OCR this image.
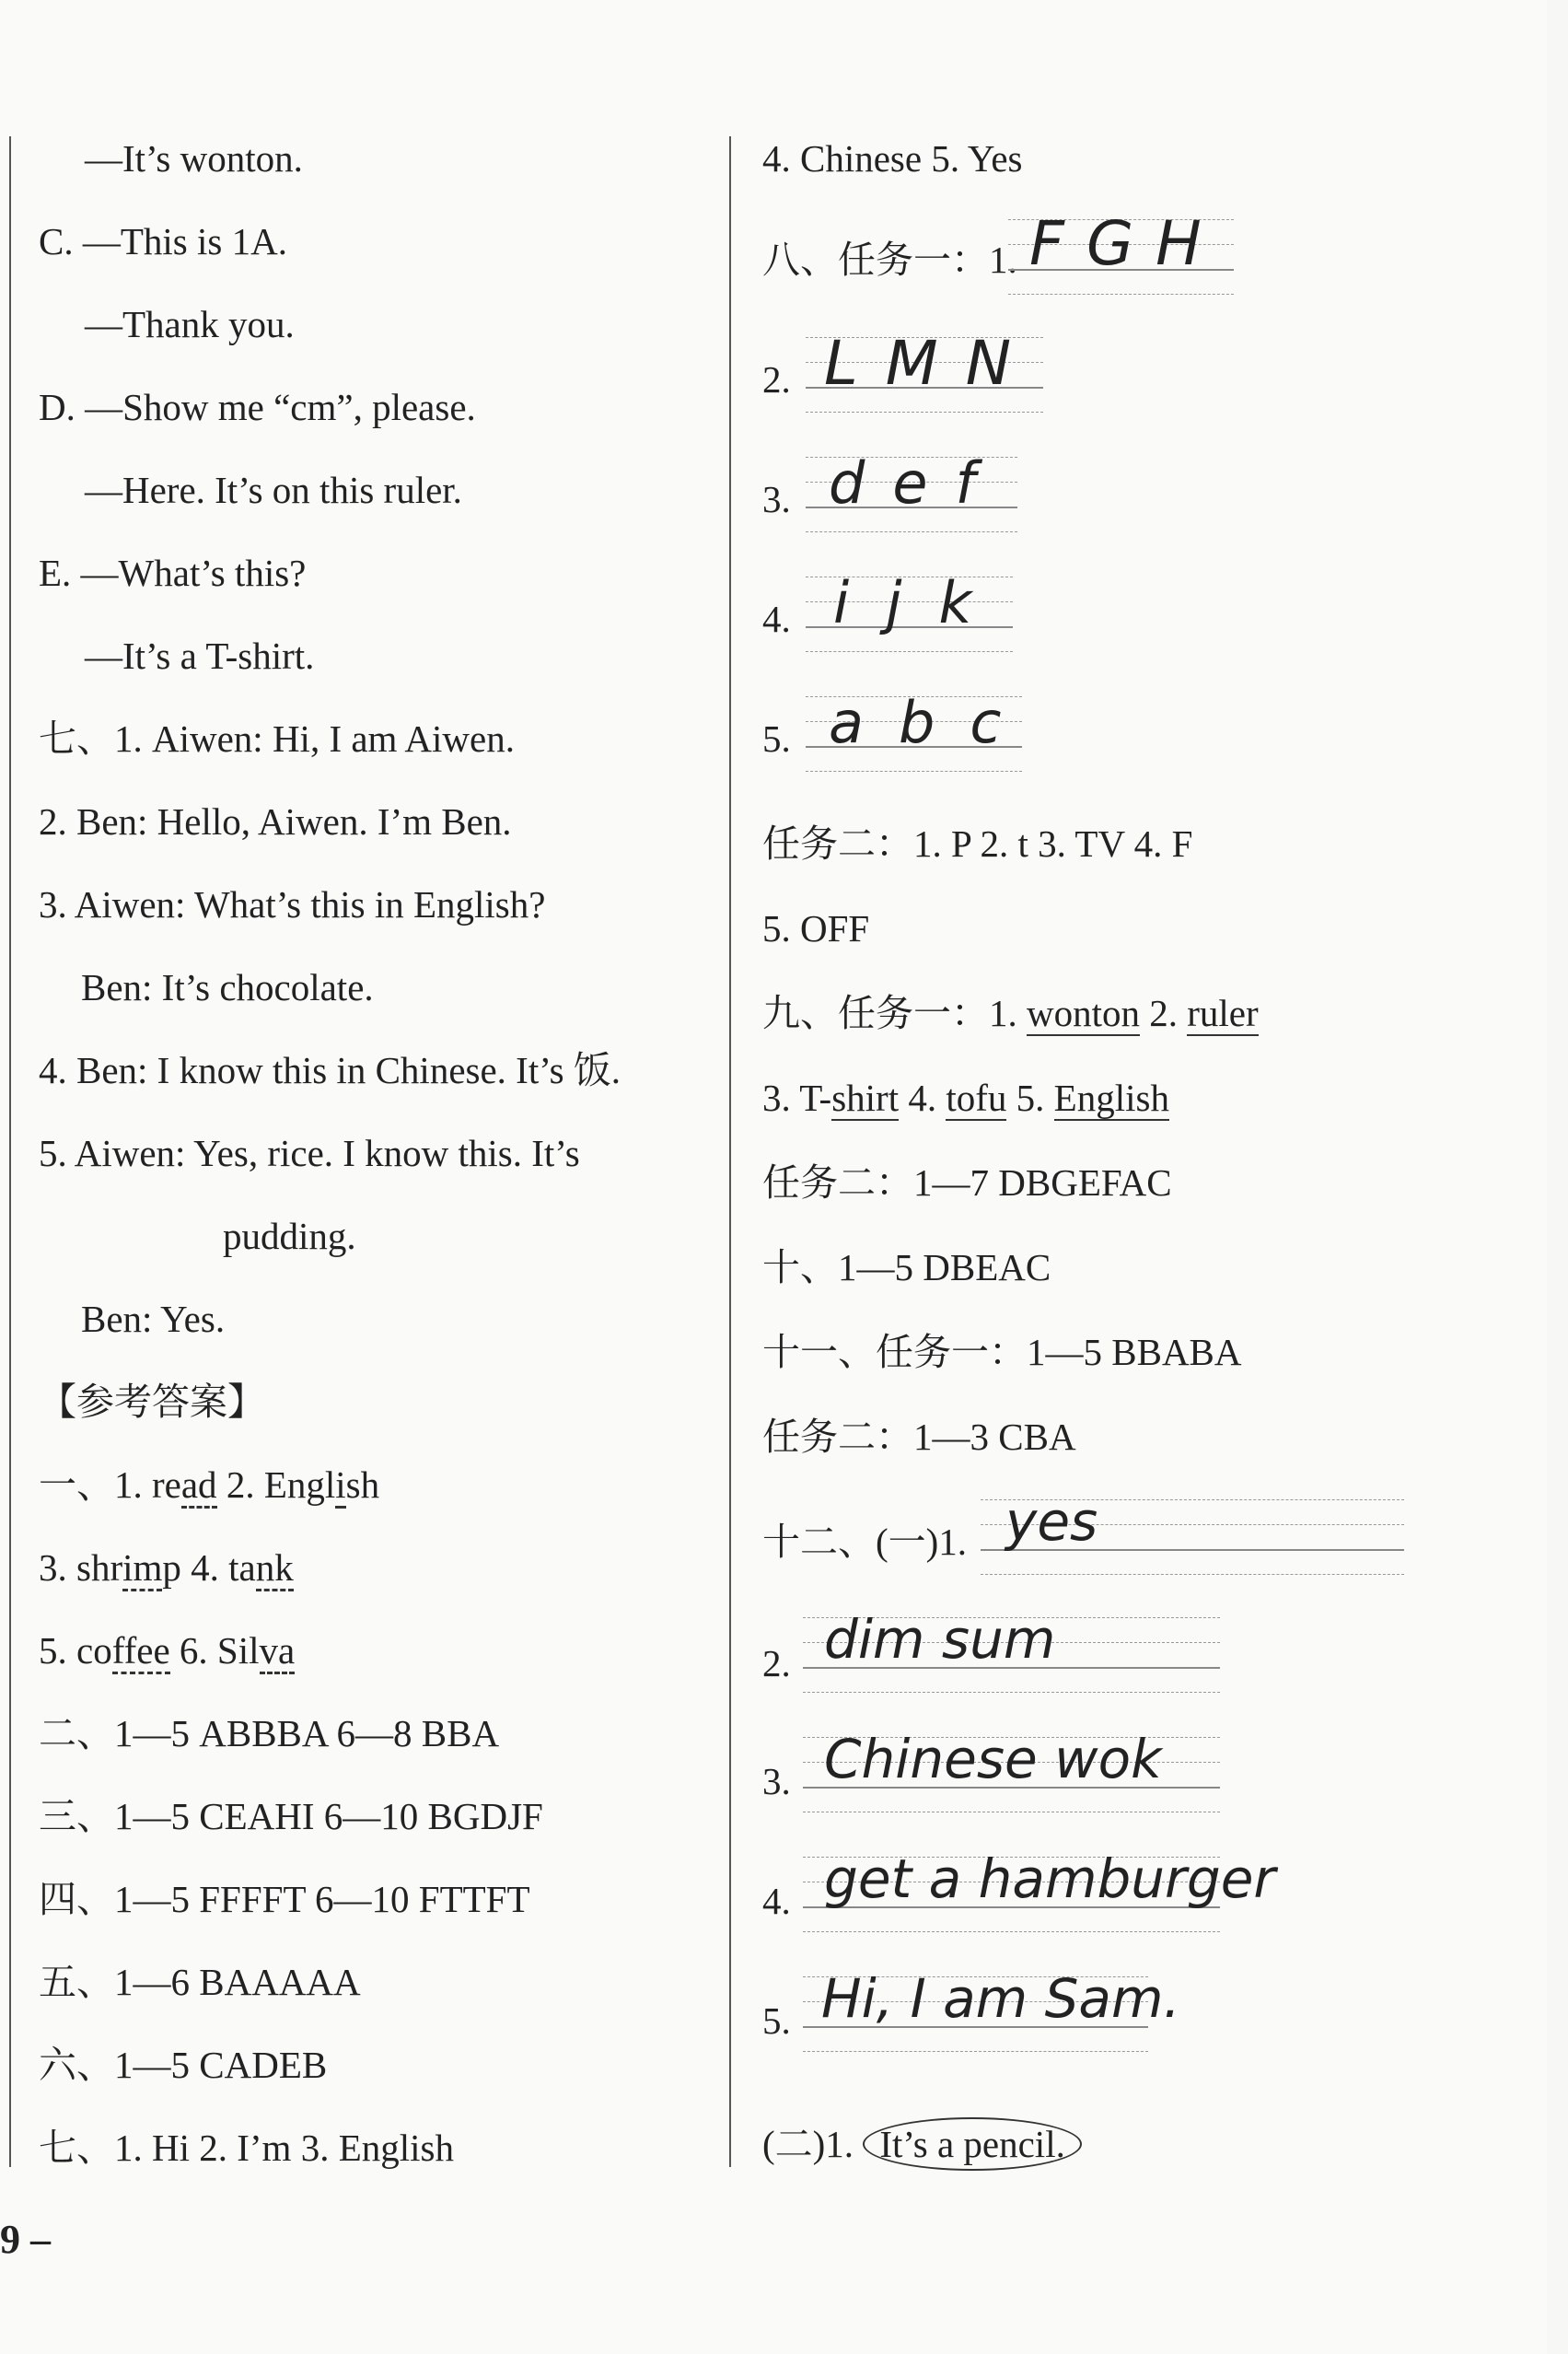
—It’s wonton.
C. —This is 1A.
—Thank you.
D. —Show me “cm”, please.
—Here. It’s on this ruler.
E. —What’s this?
—It’s a T-shirt.
七、1. Aiwen: Hi, I am Aiwen.
2. Ben: Hello, Aiwen. I’m Ben.
3. Aiwen: What’s this in English?
Ben: It’s chocolate.
4. Ben: I know this in Chinese. It’s 饭.
5. Aiwen: Yes, rice. I know this. It’s
pudding.
Ben: Yes.
【参考答案】
一、1. read 2. English
3. shrimp 4. tank
5. coffee 6. Silva
二、1—5 ABBBA 6—8 BBA
三、1—5 CEAHI 6—10 BGDJF
四、1—5 FFFFT 6—10 FTTFT
五、1—6 BAAAAA
六、1—5 CADEB
七、1. Hi 2. I’m 3. English
9 –
4. Chinese 5. Yes
八、任务一：1. FGH
2. LMN
3. def
4. ijk
5. abc
任务二：1. P 2. t 3. TV 4. F
5. OFF
九、任务一：1. wonton 2. ruler
3. T-shirt 4. tofu 5. English
任务二：1—7 DBGEFAC
十、1—5 DBEAC
十一、任务一：1—5 BBABA
任务二：1—3 CBA
十二、(一)1. yes
2. dim sum
3. Chinese wok
4. get a hamburger
5. Hi, I am Sam.
(二)1. It’s a pencil.
